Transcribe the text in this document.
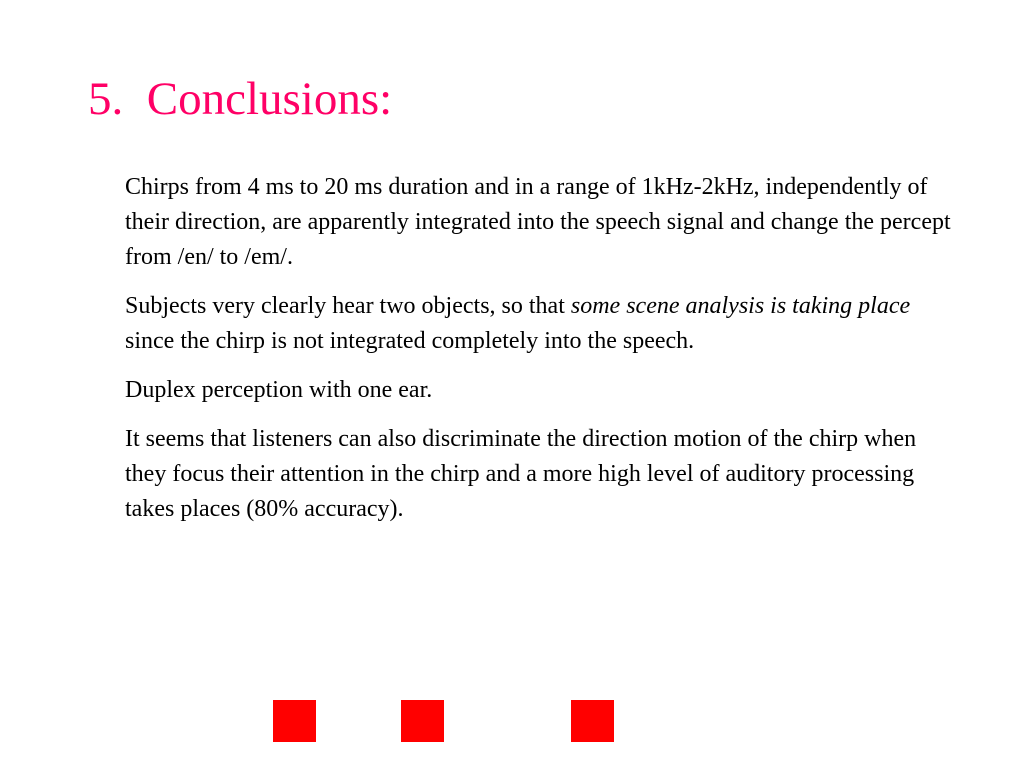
5.  Conclusions:

Chirps from 4 ms to 20 ms duration and in a range of 1kHz-2kHz, independently of their direction, are apparently integrated into the speech signal and change the percept from /en/ to /em/.

Subjects very clearly hear two objects, so that some scene analysis is taking place since the chirp is not integrated completely into the speech.

Duplex perception with one ear.

It seems that listeners can also discriminate the direction motion of the chirp when they focus their attention in the chirp and a more high level of auditory processing takes places (80% accuracy).
